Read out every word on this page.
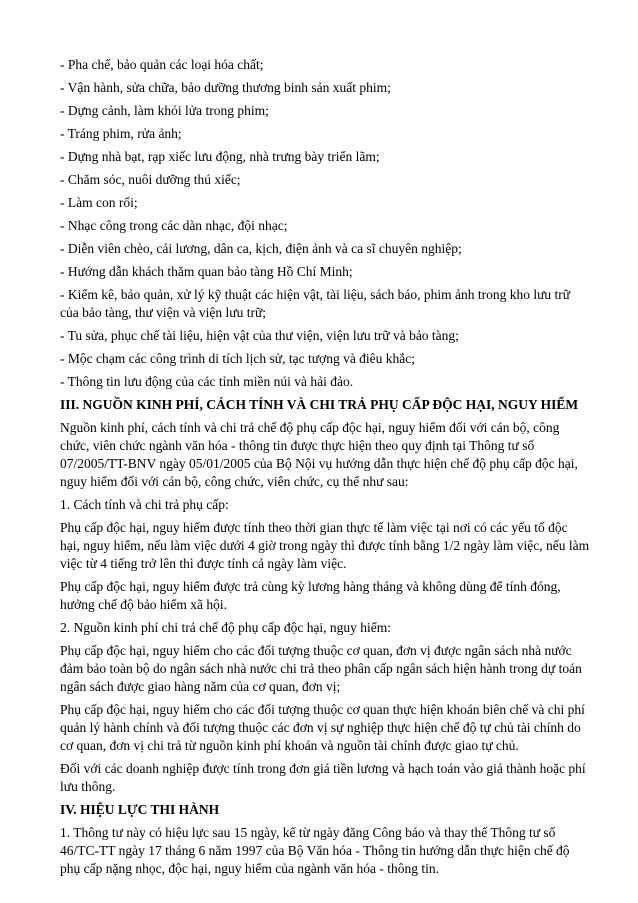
- Pha chế, bảo quản các loại hóa chất;

- Vận hành, sửa chữa, bảo dưỡng thương binh sản xuất phim;

- Dựng cảnh, làm khói lửa trong phim;

- Tráng phim, rửa ảnh;

- Dựng nhà bạt, rạp xiếc lưu động, nhà trưng bày triển lãm;

- Chăm sóc, nuôi dưỡng thú xiếc;

- Làm con rối;

- Nhạc công trong các dàn nhạc, đội nhạc;

- Diễn viên chèo, cải lương, dân ca, kịch, điện ảnh và ca sĩ chuyên nghiệp;

- Hướng dẫn khách thăm quan bảo tàng Hồ Chí Minh;

- Kiểm kê, bảo quản, xử lý kỹ thuật các hiện vật, tài liệu, sách báo, phim ảnh trong kho lưu trữ của bảo tàng, thư viện và viện lưu trữ;

- Tu sửa, phục chế tài liệu, hiện vật của thư viện, viện lưu trữ và bảo tàng;

- Mộc chạm các công trình di tích lịch sử, tạc tượng và điêu khắc;

- Thông tin lưu động của các tỉnh miền núi và hải đảo.

III. NGUỒN KINH PHÍ, CÁCH TÍNH VÀ CHI TRẢ PHỤ CẤP ĐỘC HẠI, NGUY HIỂM

Nguồn kinh phí, cách tính và chi trả chế độ phụ cấp độc hại, nguy hiểm đối với cán bộ, công chức, viên chức ngành văn hóa - thông tin được thực hiện theo quy định tại Thông tư số 07/2005/TT-BNV ngày 05/01/2005 của Bộ Nội vụ hướng dẫn thực hiện chế độ phụ cấp độc hại, nguy hiểm đối với cán bộ, công chức, viên chức, cụ thể như sau:

1. Cách tính và chi trả phụ cấp:

Phụ cấp độc hại, nguy hiểm được tính theo thời gian thực tế làm việc tại nơi có các yếu tố độc hại, nguy hiểm, nếu làm việc dưới 4 giờ trong ngày thì được tính bằng 1/2 ngày làm việc, nếu làm việc từ 4 tiếng trở lên thì được tính cả ngày làm việc.

Phụ cấp độc hại, nguy hiểm được trả cùng kỳ lương hàng tháng và không dùng để tính đóng, hưởng chế độ bảo hiểm xã hội.

2. Nguồn kinh phí chi trả chế độ phụ cấp độc hại, nguy hiểm:

Phụ cấp độc hại, nguy hiểm cho các đối tượng thuộc cơ quan, đơn vị được ngân sách nhà nước đảm bảo toàn bộ do ngân sách nhà nước chi trả theo phân cấp ngân sách hiện hành trong dự toán ngân sách được giao hàng năm của cơ quan, đơn vị;

Phụ cấp độc hại, nguy hiểm cho các đối tượng thuộc cơ quan thực hiện khoán biên chế và chi phí quản lý hành chính và đối tượng thuộc các đơn vị sự nghiệp thực hiện chế độ tự chủ tài chính do cơ quan, đơn vị chi trả từ nguồn kinh phí khoán và nguồn tài chính được giao tự chủ.

Đối với các doanh nghiệp được tính trong đơn giá tiền lương và hạch toán vào giá thành hoặc phí lưu thông.

IV. HIỆU LỰC THI HÀNH

1. Thông tư này có hiệu lực sau 15 ngày, kể từ ngày đăng Công báo và thay thế Thông tư số 46/TC-TT ngày 17 tháng 6 năm 1997 của Bộ Văn hóa - Thông tin hướng dẫn thực hiện chế độ phụ cấp nặng nhọc, độc hại, nguy hiểm của ngành văn hóa - thông tin.
